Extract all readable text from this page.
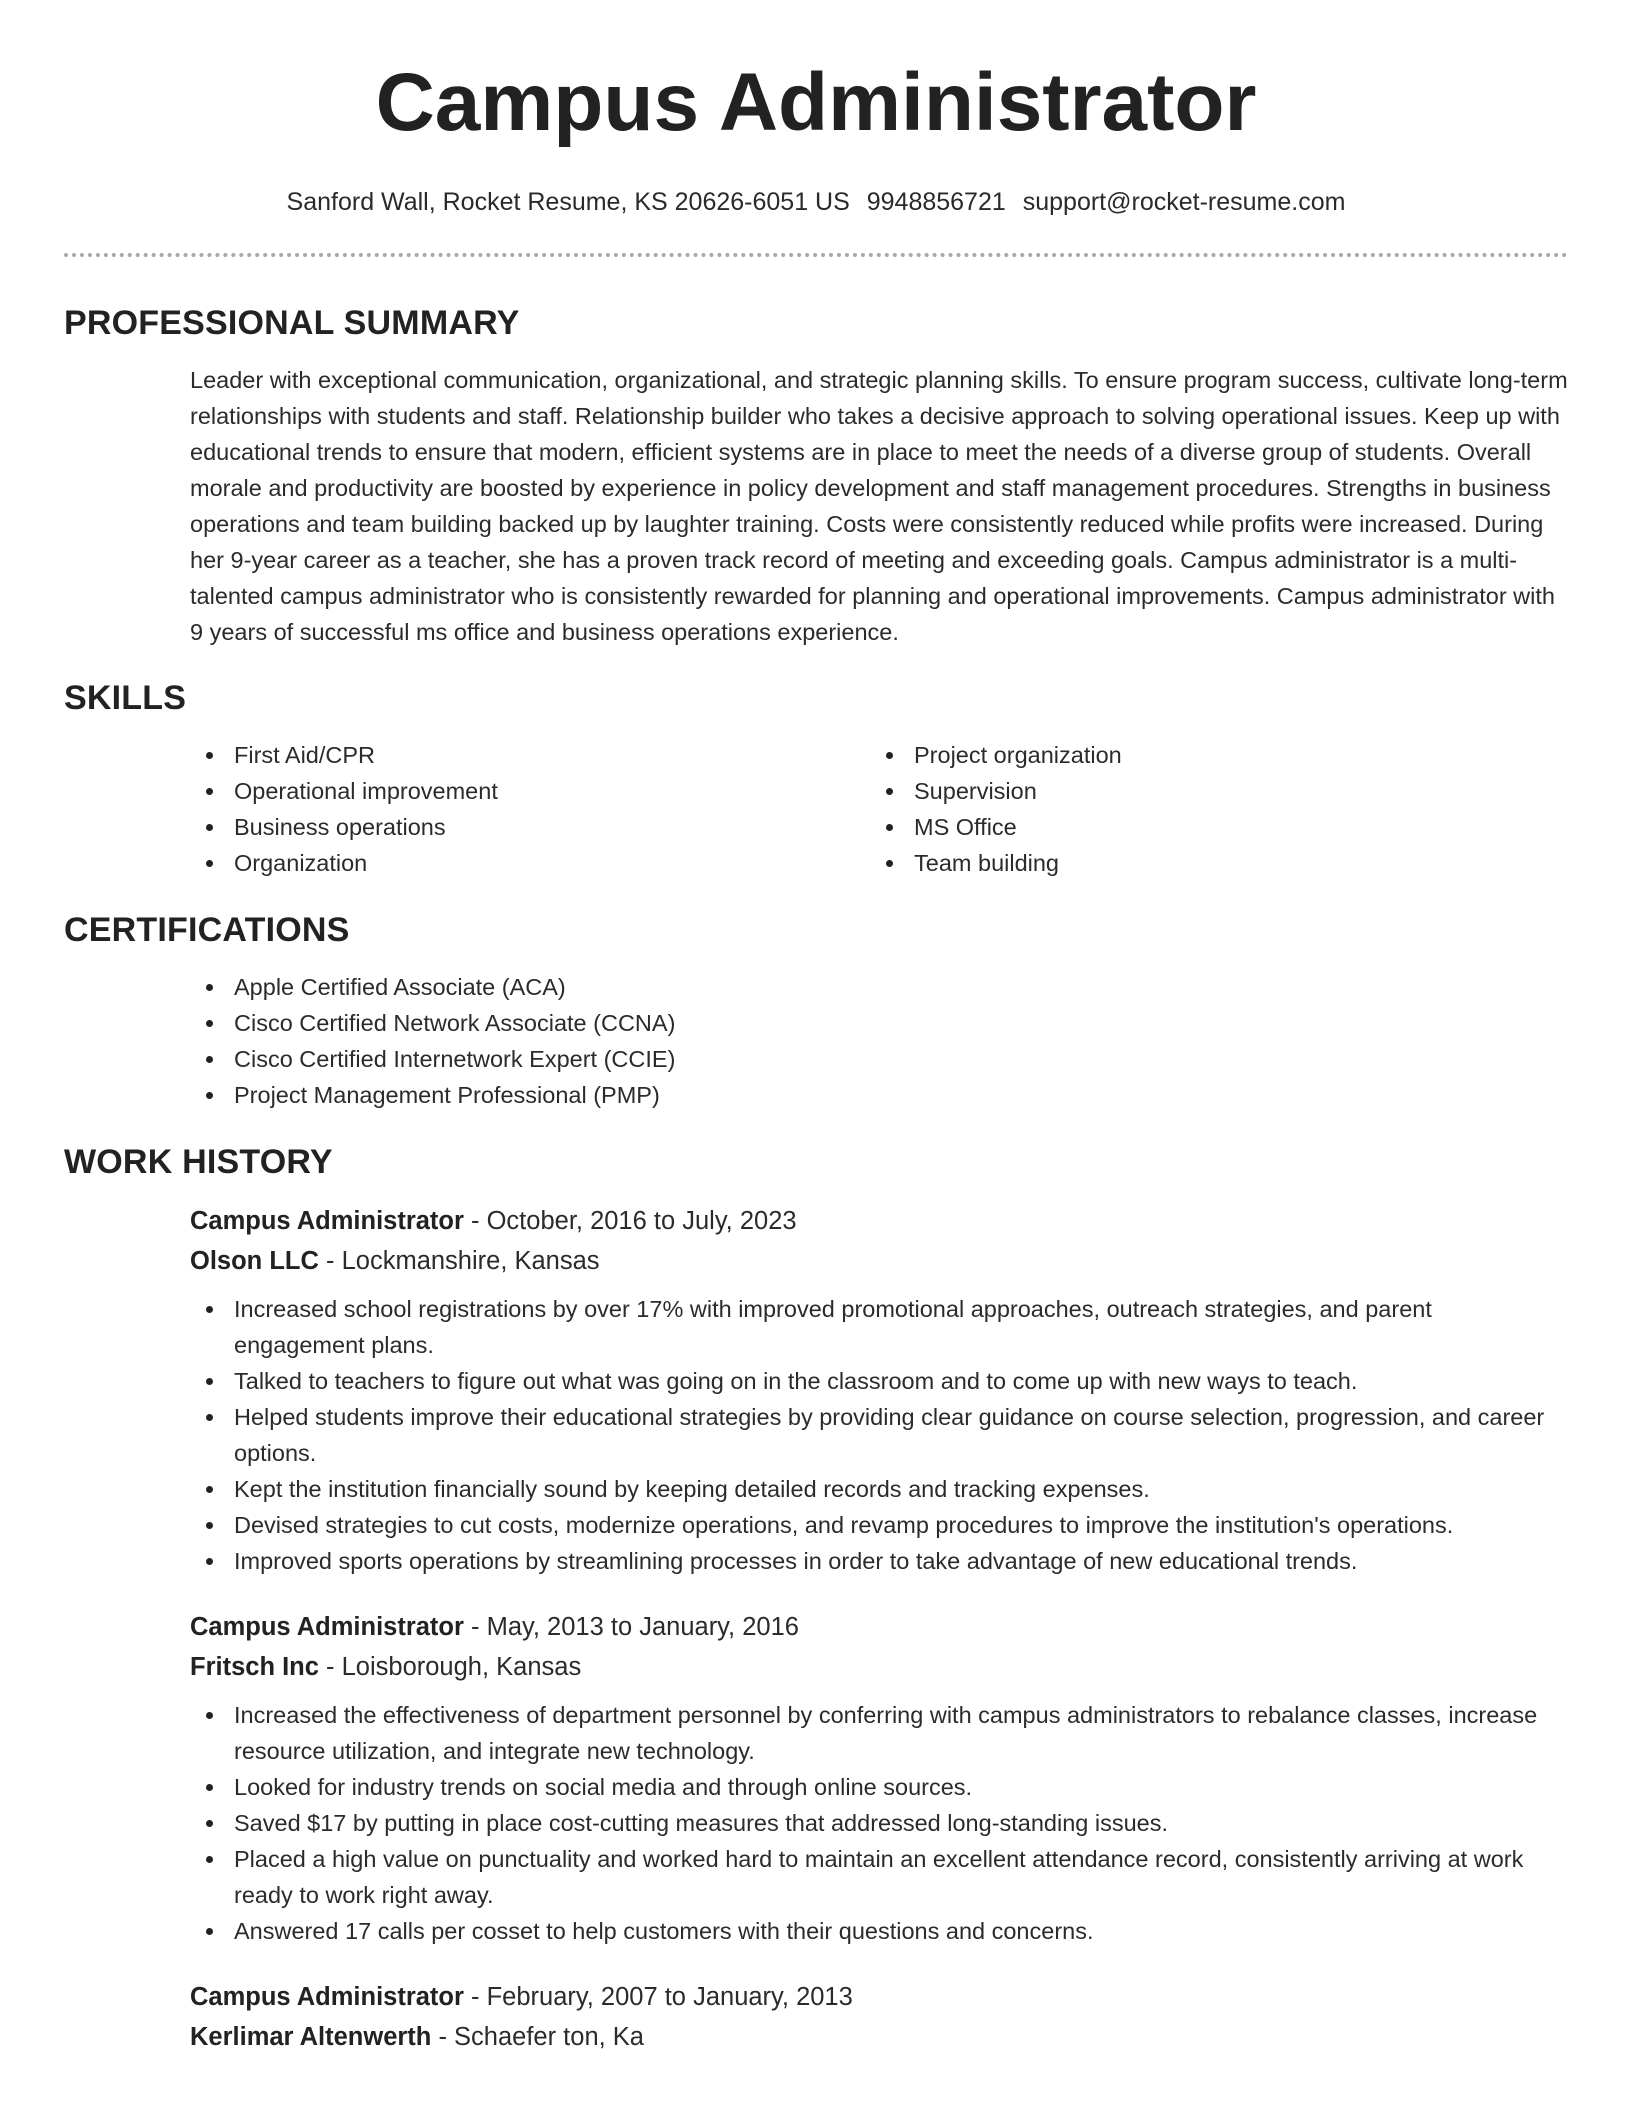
Campus Administrator
Sanford Wall, Rocket Resume, KS 20626-6051 US 9948856721 support@rocket-resume.com
PROFESSIONAL SUMMARY

Leader with exceptional communication, organizational, and strategic planning skills. To ensure program success, cultivate long-term relationships with students and staff. Relationship builder who takes a decisive approach to solving operational issues. Keep up with educational trends to ensure that modern, efficient systems are in place to meet the needs of a diverse group of students. Overall morale and productivity are boosted by experience in policy development and staff management procedures. Strengths in business operations and team building backed up by laughter training. Costs were consistently reduced while profits were increased. During her 9-year career as a teacher, she has a proven track record of meeting and exceeding goals. Campus administrator is a multi-talented campus administrator who is consistently rewarded for planning and operational improvements. Campus administrator with 9 years of successful ms office and business operations experience.

SKILLS
First Aid/CPR
Operational improvement
Business operations
Organization
Project organization
Supervision
MS Office
Team building
CERTIFICATIONS
Apple Certified Associate (ACA)
Cisco Certified Network Associate (CCNA)
Cisco Certified Internetwork Expert (CCIE)
Project Management Professional (PMP)
WORK HISTORY
Campus Administrator - October, 2016 to July, 2023
Olson LLC - Lockmanshire, Kansas
Increased school registrations by over 17% with improved promotional approaches, outreach strategies, and parent engagement plans.
Talked to teachers to figure out what was going on in the classroom and to come up with new ways to teach.
Helped students improve their educational strategies by providing clear guidance on course selection, progression, and career options.
Kept the institution financially sound by keeping detailed records and tracking expenses.
Devised strategies to cut costs, modernize operations, and revamp procedures to improve the institution's operations.
Improved sports operations by streamlining processes in order to take advantage of new educational trends.
Campus Administrator - May, 2013 to January, 2016
Fritsch Inc - Loisborough, Kansas
Increased the effectiveness of department personnel by conferring with campus administrators to rebalance classes, increase resource utilization, and integrate new technology.
Looked for industry trends on social media and through online sources.
Saved $17 by putting in place cost-cutting measures that addressed long-standing issues.
Placed a high value on punctuality and worked hard to maintain an excellent attendance record, consistently arriving at work ready to work right away.
Answered 17 calls per cosset to help customers with their questions and concerns.
Campus Administrator - February, 2007 to January, 2013
Kerlimar Altenwerth - Schaefer ton, Ka
